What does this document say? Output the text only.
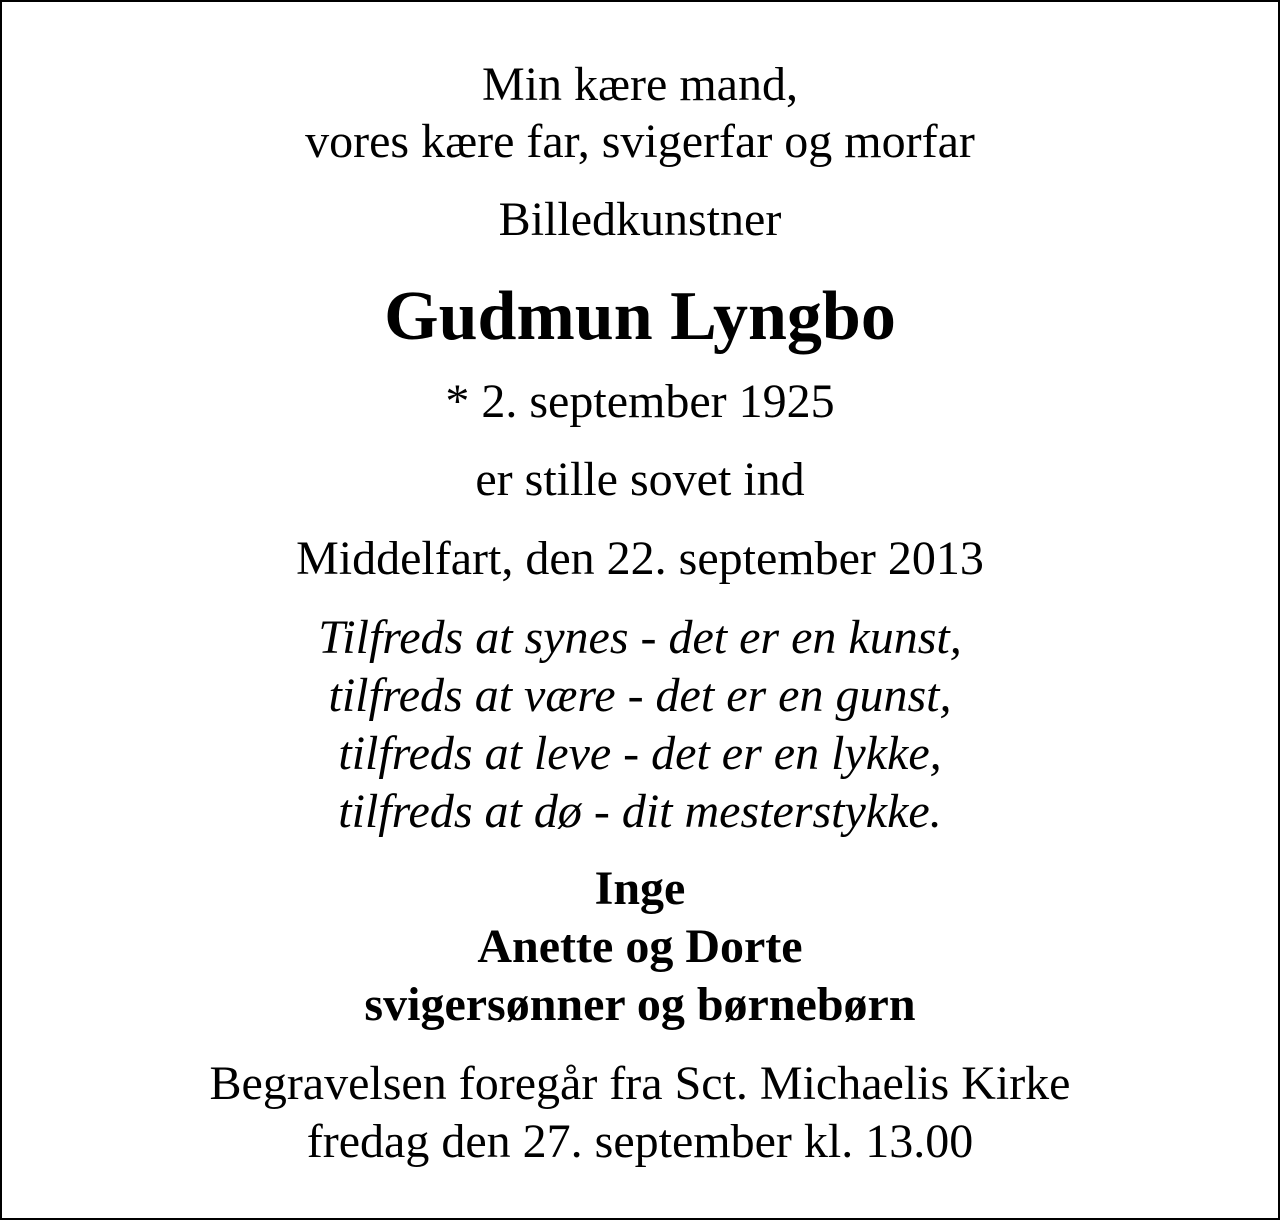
Min kære mand,
vores kære far, svigerfar og morfar
Billedkunstner
Gudmun Lyngbo
* 2. september 1925
er stille sovet ind
Middelfart, den 22. september 2013
Tilfreds at synes - det er en kunst,
tilfreds at være - det er en gunst,
tilfreds at leve - det er en lykke,
tilfreds at dø - dit mesterstykke.
Inge
Anette og Dorte
svigersønner og børnebørn
Begravelsen foregår fra Sct. Michaelis Kirke
fredag den 27. september kl. 13.00
